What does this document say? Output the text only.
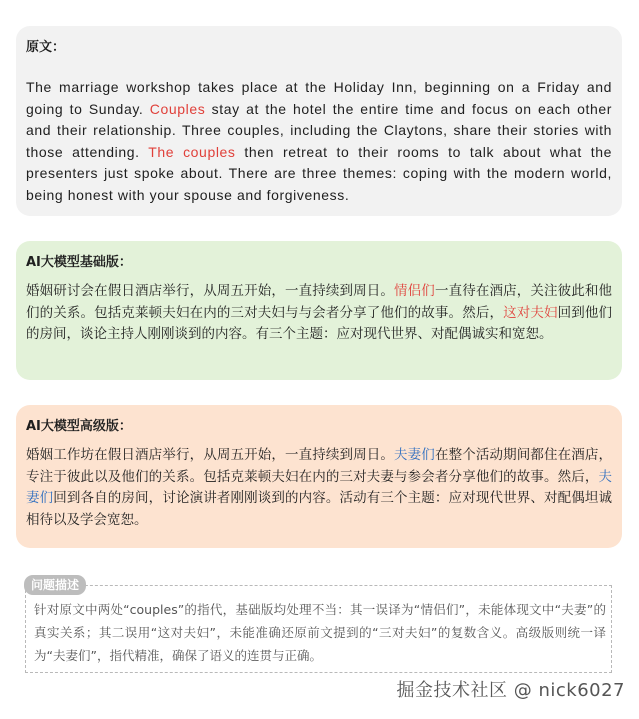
原文：
The marriage workshop takes place at the Holiday Inn, beginning on a Friday and going to Sunday. Couples stay at the hotel the entire time and focus on each other and their relationship. Three couples, including the Claytons, share their stories with those attending. The couples then retreat to their rooms to talk about what the presenters just spoke about. There are three themes: coping with the modern world, being honest with your spouse and forgiveness.
AI大模型基础版：
婚姻研讨会在假日酒店举行，从周五开始，一直持续到周日。情侣们一直待在酒店，关注彼此和他们的关系。包括克莱顿夫妇在内的三对夫妇与与会者分享了他们的故事。然后，这对夫妇回到他们的房间，谈论主持人刚刚谈到的内容。有三个主题：应对现代世界、对配偶诚实和宽恕。
AI大模型高级版：
婚姻工作坊在假日酒店举行，从周五开始，一直持续到周日。夫妻们在整个活动期间都住在酒店，专注于彼此以及他们的关系。包括克莱顿夫妇在内的三对夫妻与参会者分享他们的故事。然后，夫妻们回到各自的房间，讨论演讲者刚刚谈到的内容。活动有三个主题：应对现代世界、对配偶坦诚相待以及学会宽恕。
问题描述
针对原文中两处“couples”的指代，基础版均处理不当：其一误译为“情侣们”，未能体现文中“夫妻”的真实关系；其二误用“这对夫妇”，未能准确还原前文提到的“三对夫妇”的复数含义。高级版则统一译为“夫妻们”，指代精准，确保了语义的连贯与正确。
掘金技术社区 @ nick6027
